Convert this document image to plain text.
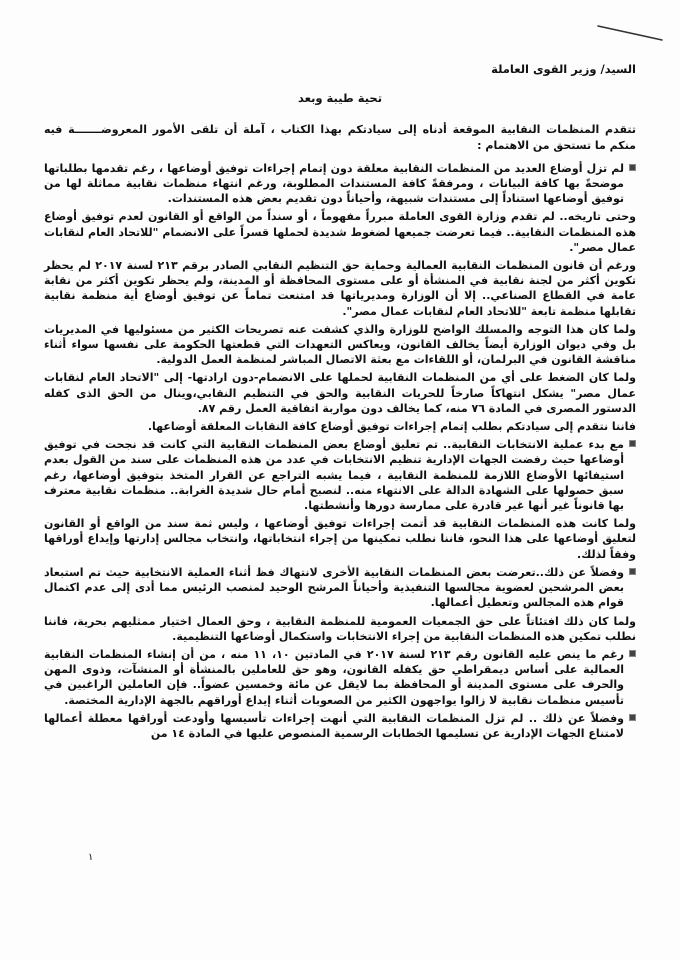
السيد/ وزير القوى العاملة
تحية طيبة وبعد
تتقدم المنظمات النقابية الموقعة أدناه إلى سيادتكم بهذا الكتاب ، آملة أن تلقى الأمور المعروضـــــــة فيه منكم ما تستحق من الاهتمام :
لم تزل أوضاع العديد من المنظمات النقابية معلقة دون إتمام إجراءات توفيق أوضاعها ، رغم تقدمها بطلباتها موضحةً بها كافة البيانات ، ومرفقةً كافة المستندات المطلوبة، ورغم انتهاء منظمات نقابية مماثلة لها من توفيق أوضاعها استناداً إلى مستندات شبيهة، وأحياناً دون تقديم بعض هذه المستندات.
وحتى تاريخه.. لم تقدم وزارة القوى العاملة مبرراً مفهوماً ، أو سنداً من الواقع أو القانون لعدم توفيق أوضاع هذه المنظمات النقابية.. فيما تعرضت جميعها لضغوط شديدة لحملها قسراً على الانضمام "للاتحاد العام لنقابات عمال مصر".
ورغم أن قانون المنظمات النقابية العمالية وحماية حق التنظيم النقابي الصادر برقم ٢١٣ لسنة ٢٠١٧ لم يحظر تكوين أكثر من لجنة نقابية في المنشأة أو على مستوى المحافظة أو المدينة، ولم يحظر تكوين أكثر من نقابة عامة في القطاع الصناعي.. إلا أن الوزارة ومديرياتها قد امتنعت تماماً عن توفيق أوضاع أية منظمة نقابية تقابلها منظمة تابعة "للاتحاد العام لنقابات عمال مصر".
ولما كان هذا التوجه والمسلك الواضح للوزارة والذي كشفت عنه تصريحات الكثير من مسئوليها في المديريات بل وفي ديوان الوزارة أيضاً يخالف القانون، ويعاكس التعهدات التي قطعتها الحكومة على نفسها سواء أثناء مناقشة القانون في البرلمان، أو اللقاءات مع بعثة الاتصال المباشر لمنظمة العمل الدولية.
ولما كان الضغط على أي من المنظمات النقابية لحملها على الانضمام-دون ارادتها- إلى "الاتحاد العام لنقابات عمال مصر" يشكل انتهاكاً صارخاً للحريات النقابية والحق في التنظيم النقابي،وينال من الحق الذى كفله الدستور المصرى في المادة ٧٦ منه، كما يخالف دون مواربة اتفاقية العمل رقم ٨٧.
فاننا نتقدم إلى سيادتكم بطلب إتمام إجراءات توفيق أوضاع كافة النقابات المعلقة أوضاعها.
مع بدء عملية الانتخابات النقابية.. تم تعليق أوضاع بعض المنظمات النقابية التي كانت قد نجحت في توفيق أوضاعها حيث رفضت الجهات الإدارية تنظيم الانتخابات في عدد من هذه المنظمات على سند من القول بعدم استيفائها الأوضاع اللازمة للمنظمة النقابية ، فيما يشبه التراجع عن القرار المتخذ بتوفيق أوضاعها، رغم سبق حصولها على الشهادة الدالة على الانتهاء منه.. لنصبح أمام حال شديدة الغرابة.. منظمات نقابية معترف بها قانوناً غير أنها غير قادرة على ممارسة دورها وأنشطتها.
ولما كانت هذه المنظمات النقابية قد أتمت إجراءات توفيق أوضاعها ، وليس ثمة سند من الواقع أو القانون لتعليق أوضاعها على هذا النحو، فاننا نطلب تمكينها من إجراء انتخاباتها، وانتخاب مجالس إدارتها وإيداع أوراقها وفقاً لذلك.
وفضلاً عن ذلك..تعرضت بعض المنظمات النقابية الأخرى لانتهاك فظ أثناء العملية الانتخابية حيث تم استبعاد بعض المرشحين لعضوية مجالسها التنفيذية وأحياناً المرشح الوحيد لمنصب الرئيس مما أدى إلى عدم اكتمال قوام هذه المجالس وتعطيل أعمالها.
ولما كان ذلك افتئاتاً على حق الجمعيات العمومية للمنظمة النقابية ، وحق العمال اختيار ممثليهم بحرية، فاننا نطلب تمكين هذه المنظمات النقابية من إجراء الانتخابات واستكمال أوضاعها التنظيمية.
رغم ما ينص عليه القانون رقم ٢١٣ لسنة ٢٠١٧ في المادتين ١٠، ١١ منه ، من أن إنشاء المنظمات النقابية العمالية على أساس ديمقراطي حق يكفله القانون، وهو حق للعاملين بالمنشأة أو المنشآت، وذوى المهن والحرف على مستوى المدينة أو المحافظة بما لايقل عن مائة وخمسين عضواً.. فإن العاملين الراغبين في تأسيس منظمات نقابية لا زالوا يواجهون الكثير من الصعوبات أثناء إيداع أوراقهم بالجهة الإدارية المختصة.
وفضلاً عن ذلك .. لم تزل المنظمات النقابية التي أنهت إجراءات تأسيسها وأودعت أوراقها معطلة أعمالها لامتناع الجهات الإدارية عن تسليمها الخطابات الرسمية المنصوص عليها في المادة ١٤ من
١
